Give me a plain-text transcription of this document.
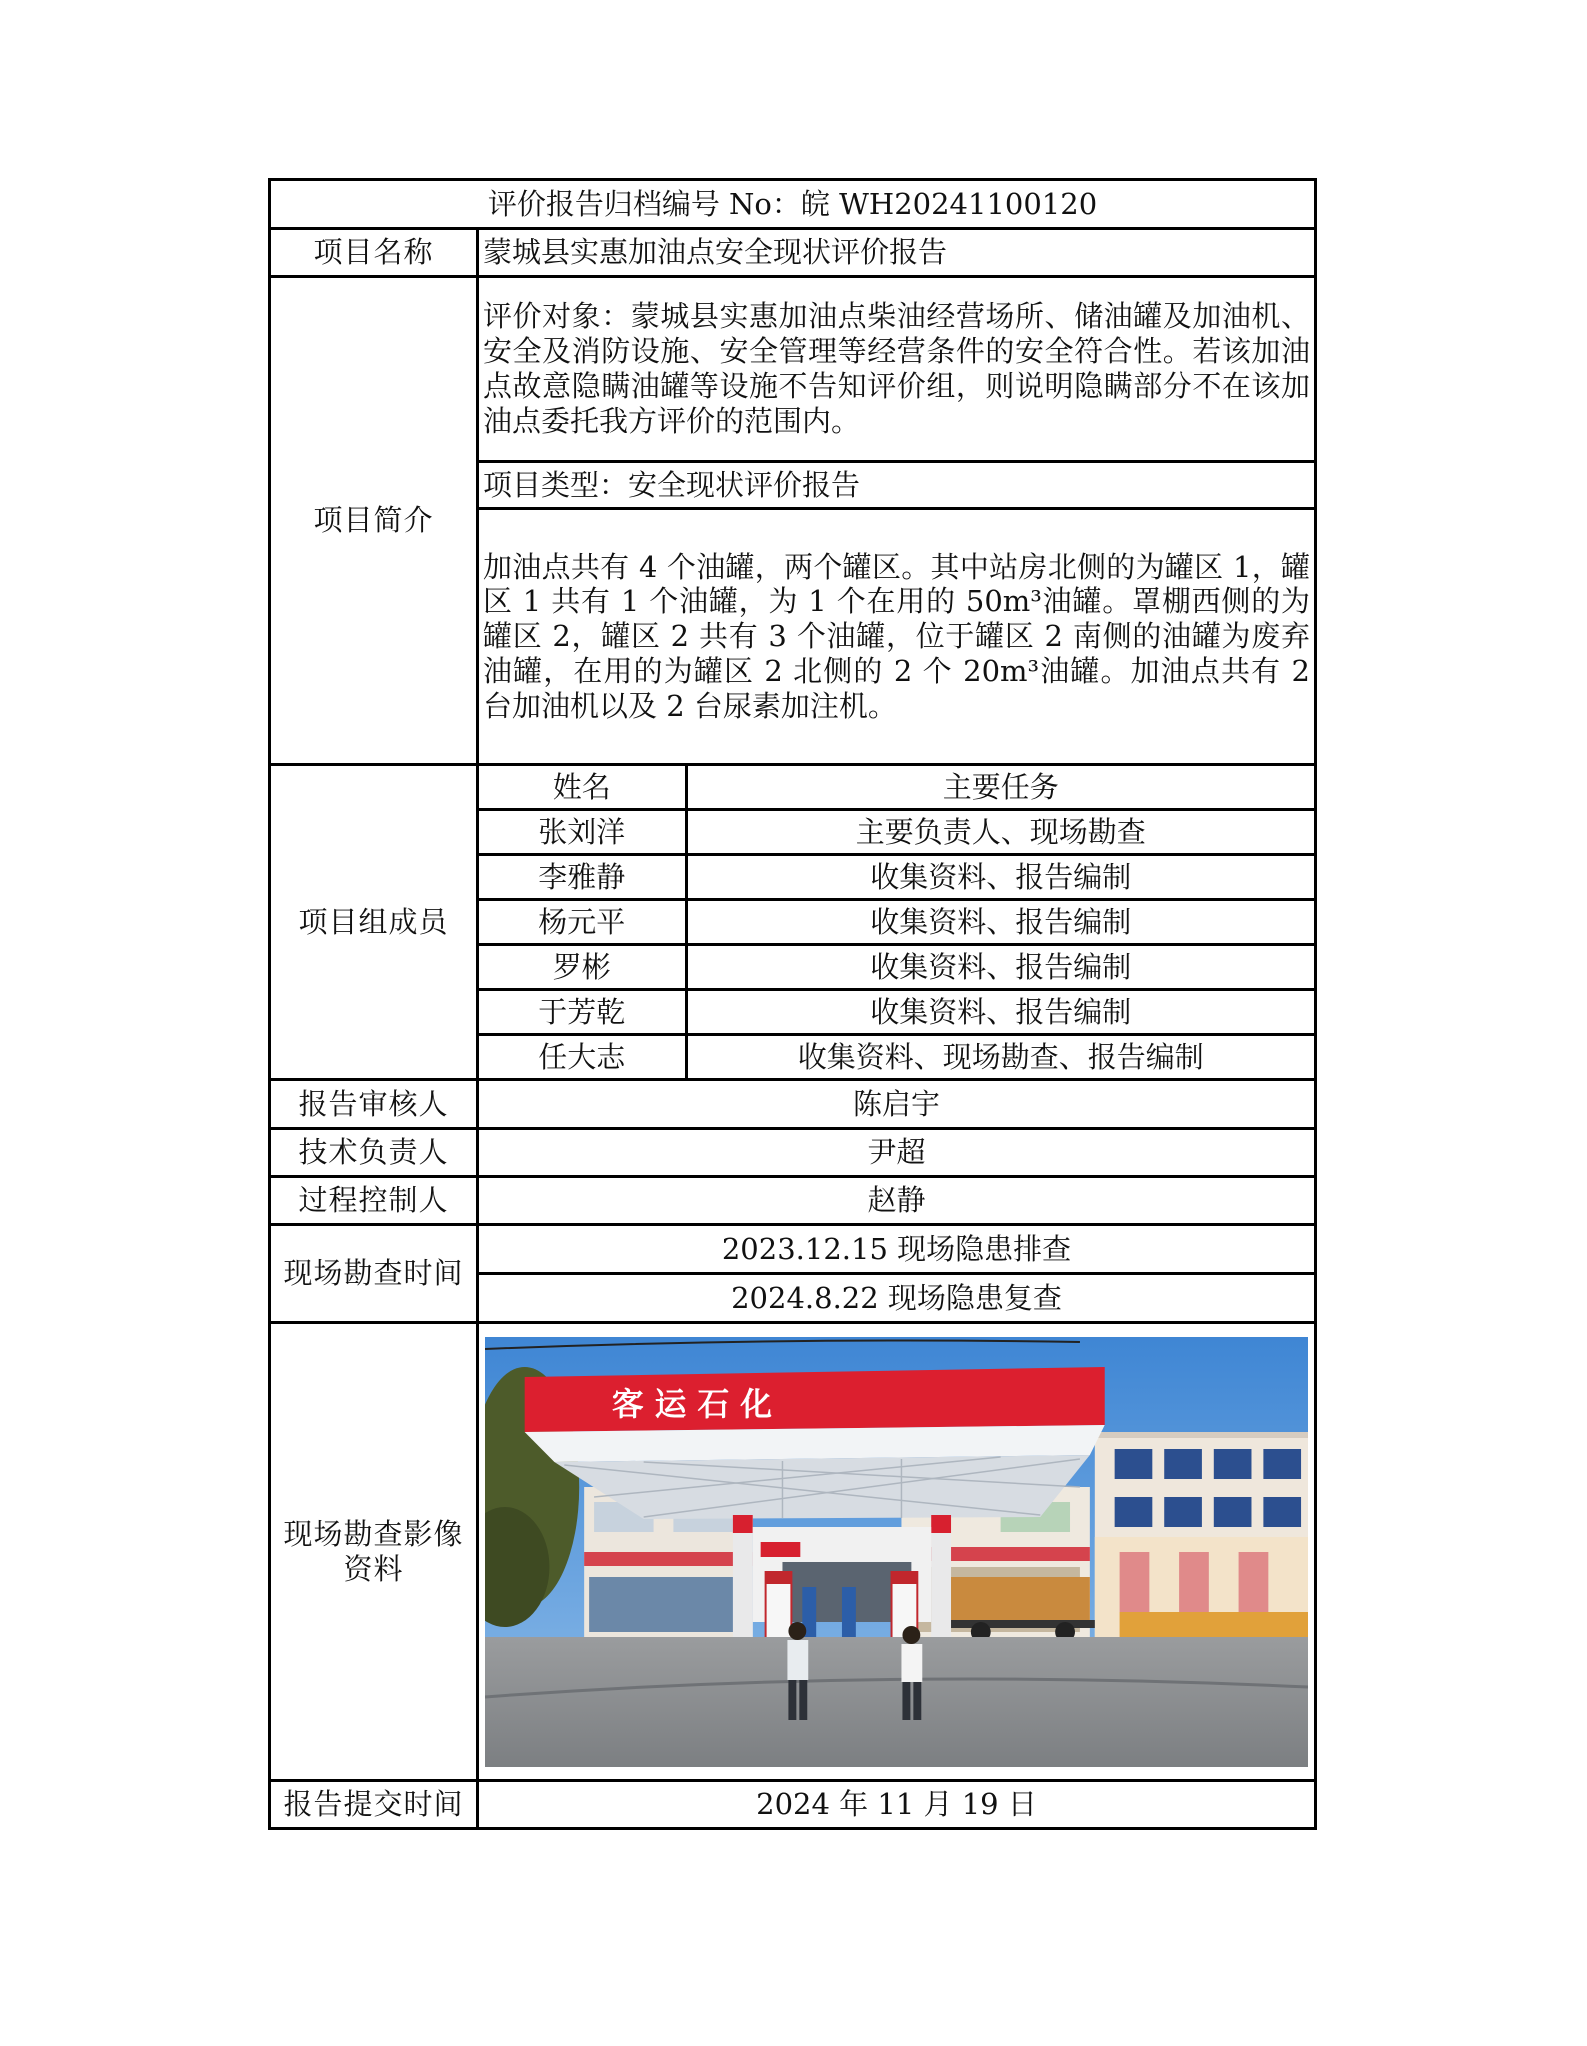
评价报告归档编号 No：皖 WH20241100120
项目名称	蒙城县实惠加油点安全现状评价报告
项目简介	评价对象：蒙城县实惠加油点柴油经营场所、储油罐及加油机、安全及消防设施、安全管理等经营条件的安全符合性。若该加油点故意隐瞒油罐等设施不告知评价组，则说明隐瞒部分不在该加油点委托我方评价的范围内。
项目类型：安全现状评价报告
加油点共有 4 个油罐，两个罐区。其中站房北侧的为罐区 1，罐区 1 共有 1 个油罐，为 1 个在用的 50m³油罐。罩棚西侧的为罐区 2，罐区 2 共有 3 个油罐，位于罐区 2 南侧的油罐为废弃油罐，在用的为罐区 2 北侧的 2 个 20m³油罐。加油点共有 2 台加油机以及 2 台尿素加注机。
项目组成员	
姓名	主要任务
张刘洋	主要负责人、现场勘查
李雅静	收集资料、报告编制
杨元平	收集资料、报告编制
罗彬	收集资料、报告编制
于芳乾	收集资料、报告编制
任大志	收集资料、现场勘查、报告编制

报告审核人	陈启宇
技术负责人	尹超
过程控制人	赵静
现场勘查时间	2023.12.15 现场隐患排查
2024.8.22 现场隐患复查
现场勘查影像资料	
客 运 石 化

报告提交时间	2024 年 11 月 19 日
